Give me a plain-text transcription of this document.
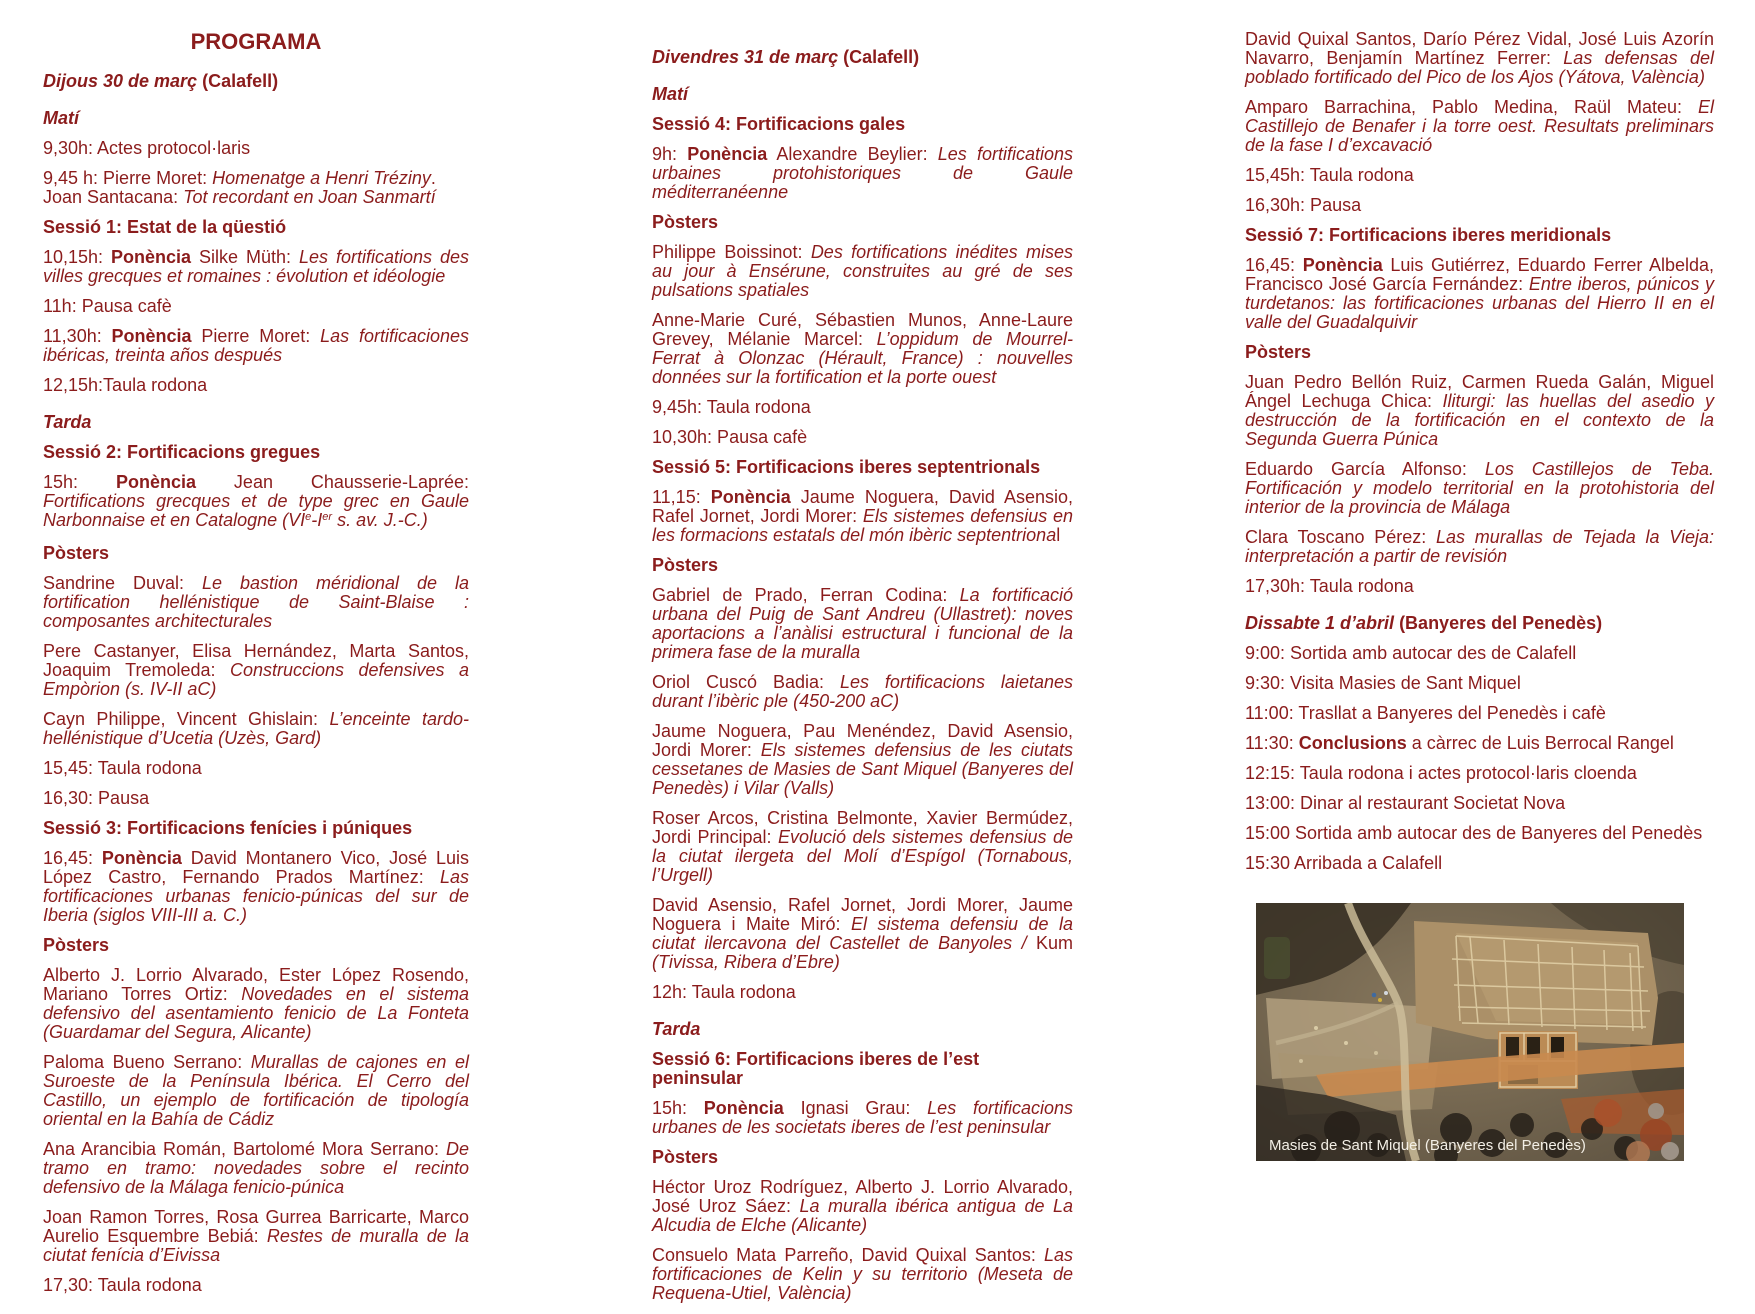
PROGRAMA

Dijous 30 de març (Calafell)

Matí

9,30h: Actes protocol·laris

9,45 h: Pierre Moret: Homenatge a Henri Tréziny.
Joan Santacana: Tot recordant en Joan Sanmartí

Sessió 1: Estat de la qüestió

10,15h: Ponència Silke Müth: Les fortifications des villes grecques et romaines : évolution et idéologie

11h: Pausa cafè

11,30h: Ponència Pierre Moret: Las fortificaciones ibéricas, treinta años después

12,15h:Taula rodona

Tarda

Sessió 2: Fortificacions gregues

15h: Ponència Jean Chausserie-Laprée: Fortifications grecques et de type grec en Gaule Narbonnaise et en Catalogne (VIe-Ier s. av. J.-C.)

Pòsters

Sandrine Duval: Le bastion méridional de la fortification hellénistique de Saint-Blaise : composantes architecturales

Pere Castanyer, Elisa Hernández, Marta Santos, Joaquim Tremoleda: Construccions defensives a Empòrion (s. IV-II aC)

Cayn Philippe, Vincent Ghislain: L’enceinte tardo-hellénistique d’Ucetia (Uzès, Gard)

15,45: Taula rodona

16,30: Pausa

Sessió 3: Fortificacions fenícies i púniques

16,45: Ponència David Montanero Vico, José Luis López Castro, Fernando Prados Martínez: Las fortificaciones urbanas fenicio-púnicas del sur de Iberia (siglos VIII-III a. C.)

Pòsters

Alberto J. Lorrio Alvarado, Ester López Rosendo, Mariano Torres Ortiz: Novedades en el sistema defensivo del asentamiento fenicio de La Fonteta (Guardamar del Segura, Alicante)

Paloma Bueno Serrano: Murallas de cajones en el Suroeste de la Península Ibérica. El Cerro del Castillo, un ejemplo de fortificación de tipología oriental en la Bahía de Cádiz

Ana Arancibia Román, Bartolomé Mora Serrano: De tramo en tramo: novedades sobre el recinto defensivo de la Málaga fenicio-púnica

Joan Ramon Torres, Rosa Gurrea Barricarte, Marco Aurelio Esquembre Bebiá: Restes de muralla de la ciutat fenícia d’Eivissa

17,30: Taula rodona

Divendres 31 de març (Calafell)

Matí

Sessió 4: Fortificacions gales

9h: Ponència Alexandre Beylier: Les fortifications urbaines protohistoriques de Gaule méditerranéenne

Pòsters

Philippe Boissinot: Des fortifications inédites mises au jour à Ensérune, construites au gré de ses pulsations spatiales

Anne-Marie Curé, Sébastien Munos, Anne-Laure Grevey, Mélanie Marcel: L’oppidum de Mourrel-Ferrat à Olonzac (Hérault, France) : nouvelles données sur la fortification et la porte ouest

9,45h: Taula rodona

10,30h: Pausa cafè

Sessió 5: Fortificacions iberes septentrionals

11,15: Ponència Jaume Noguera, David Asensio, Rafel Jornet, Jordi Morer: Els sistemes defensius en les formacions estatals del món ibèric septentrional

Pòsters

Gabriel de Prado, Ferran Codina: La fortificació urbana del Puig de Sant Andreu (Ullastret): noves aportacions a l’anàlisi estructural i funcional de la primera fase de la muralla

Oriol Cuscó Badia: Les fortificacions laietanes durant l’ibèric ple (450-200 aC)

Jaume Noguera, Pau Menéndez, David Asensio, Jordi Morer: Els sistemes defensius de les ciutats cessetanes de Masies de Sant Miquel (Banyeres del Penedès) i Vilar (Valls)

Roser Arcos, Cristina Belmonte, Xavier Bermúdez, Jordi Principal: Evolució dels sistemes defensius de la ciutat ilergeta del Molí d’Espígol (Tornabous, l’Urgell)

David Asensio, Rafel Jornet, Jordi Morer, Jaume Noguera i Maite Miró: El sistema defensiu de la ciutat ilercavona del Castellet de Banyoles / Kum (Tivissa, Ribera d’Ebre)

12h: Taula rodona

Tarda

Sessió 6: Fortificacions iberes de l’est peninsular

15h: Ponència Ignasi Grau: Les fortificacions urbanes de les societats iberes de l’est peninsular

Pòsters

Héctor Uroz Rodríguez, Alberto J. Lorrio Alvarado, José Uroz Sáez: La muralla ibérica antigua de La Alcudia de Elche (Alicante)

Consuelo Mata Parreño, David Quixal Santos: Las fortificaciones de Kelin y su territorio (Meseta de Requena-Utiel, València)

David Quixal Santos, Darío Pérez Vidal, José Luis Azorín Navarro, Benjamín Martínez Ferrer: Las defensas del poblado fortificado del Pico de los Ajos (Yátova, València)

Amparo Barrachina, Pablo Medina, Raül Mateu: El Castillejo de Benafer i la torre oest. Resultats preliminars de la fase I d’excavació

15,45h: Taula rodona

16,30h: Pausa

Sessió 7: Fortificacions iberes meridionals

16,45: Ponència Luis Gutiérrez, Eduardo Ferrer Albelda, Francisco José García Fernández: Entre iberos, púnicos y turdetanos: las fortificaciones urbanas del Hierro II en el valle del Guadalquivir

Pòsters

Juan Pedro Bellón Ruiz, Carmen Rueda Galán, Miguel Ángel Lechuga Chica: Iliturgi: las huellas del asedio y destrucción de la fortificación en el contexto de la Segunda Guerra Púnica

Eduardo García Alfonso: Los Castillejos de Teba. Fortificación y modelo territorial en la protohistoria del interior de la provincia de Málaga

Clara Toscano Pérez: Las murallas de Tejada la Vieja: interpretación a partir de revisión

17,30h: Taula rodona

Dissabte 1 d’abril (Banyeres del Penedès)

9:00: Sortida amb autocar des de Calafell

9:30: Visita Masies de Sant Miquel

11:00: Trasllat a Banyeres del Penedès i cafè

11:30: Conclusions a càrrec de Luis Berrocal Rangel

12:15: Taula rodona i actes protocol·laris cloenda

13:00: Dinar al restaurant Societat Nova

15:00 Sortida amb autocar des de Banyeres del Penedès

15:30 Arribada a Calafell

Masies de Sant Miquel (Banyeres del Penedès)
